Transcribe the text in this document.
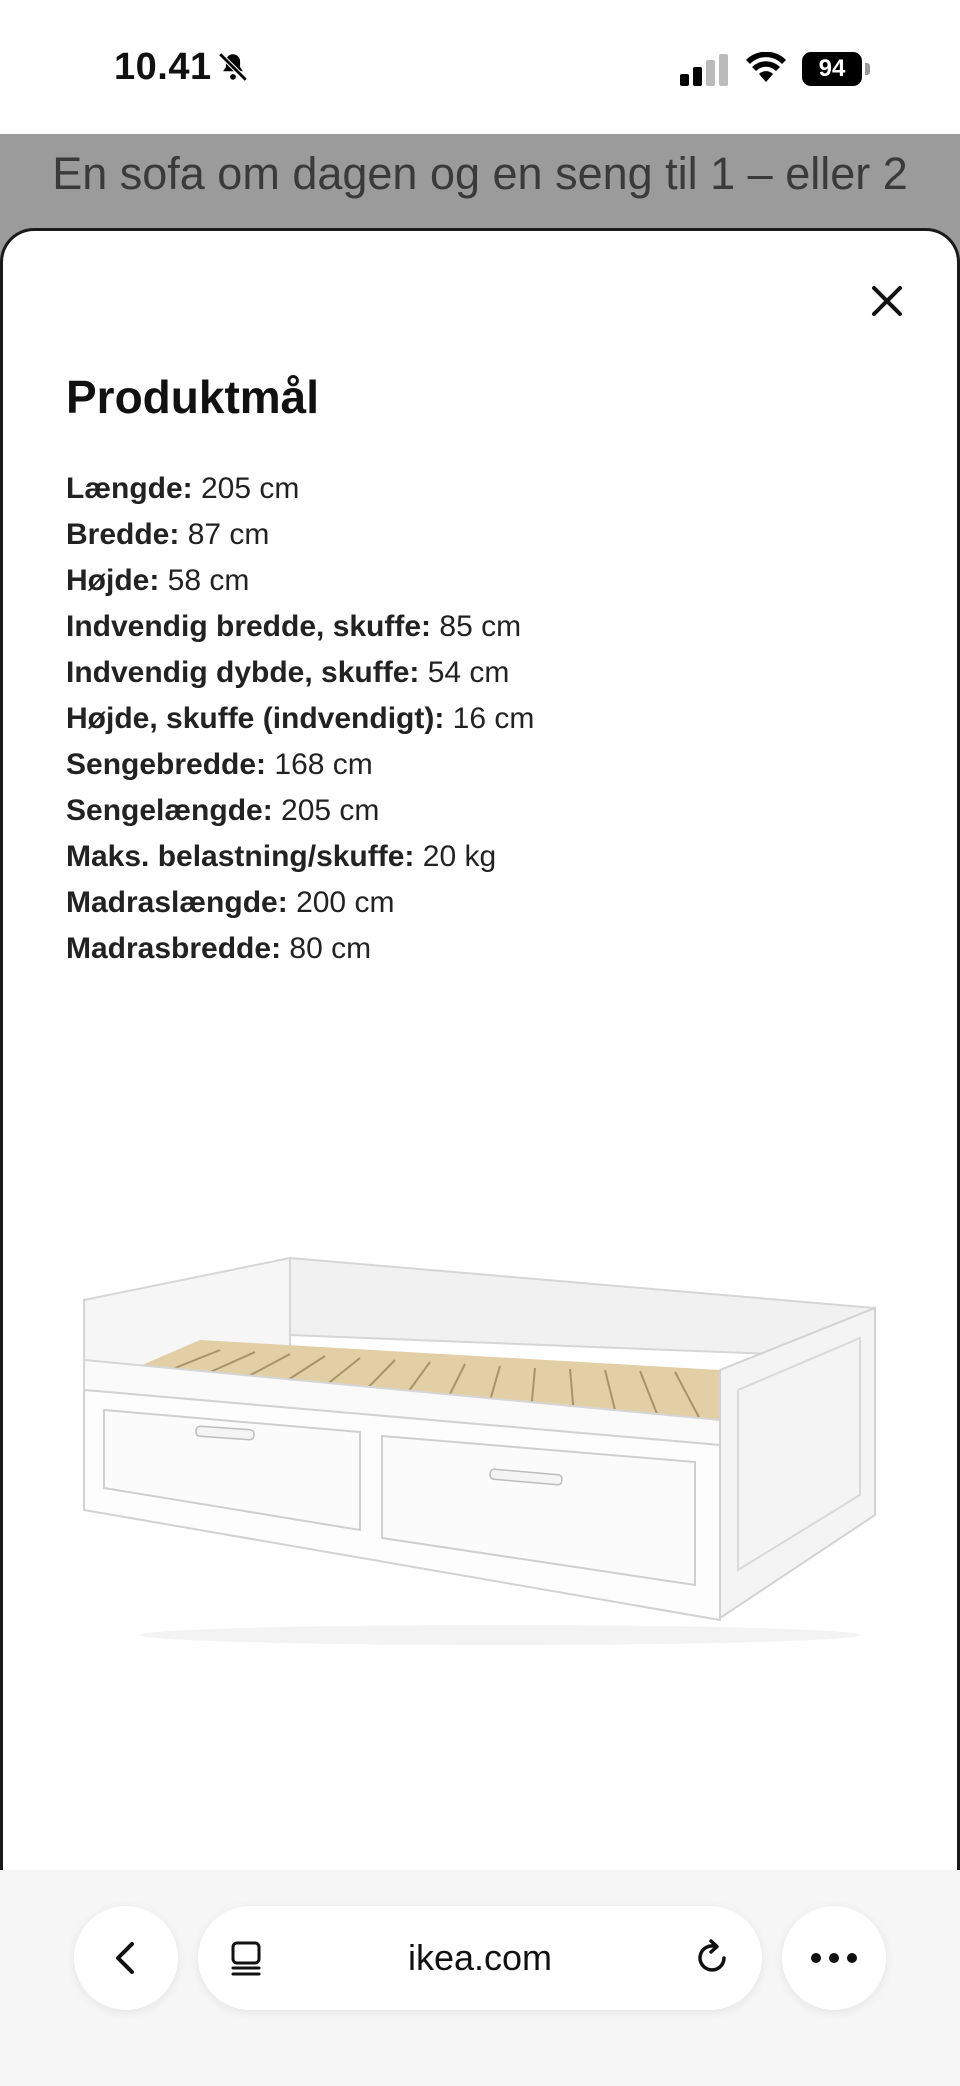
10.41	94
En sofa om dagen og en seng til 1 – eller 2
Produktmål
Længde: 205 cm
Bredde: 87 cm
Højde: 58 cm
Indvendig bredde, skuffe: 85 cm
Indvendig dybde, skuffe: 54 cm
Højde, skuffe (indvendigt): 16 cm
Sengebredde: 168 cm
Sengelængde: 205 cm
Maks. belastning/skuffe: 20 kg
Madraslængde: 200 cm
Madrasbredde: 80 cm
ikea.com
